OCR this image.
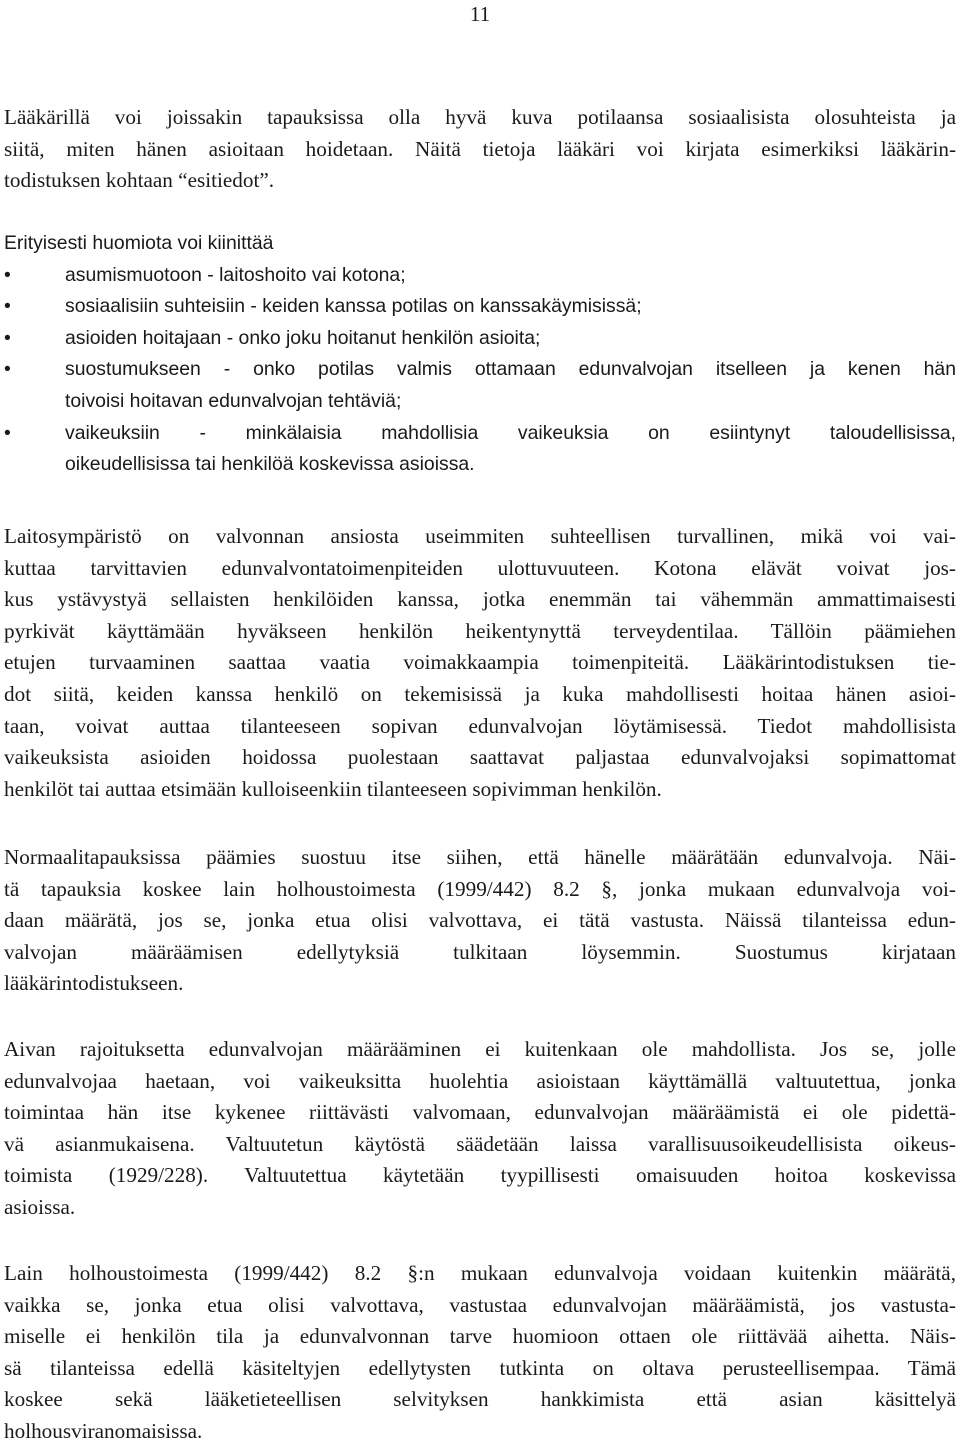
11
Lääkärillä voi joissakin tapauksissa olla hyvä kuva potilaansa sosiaalisista olosuhteista ja
siitä, miten hänen asioitaan hoidetaan. Näitä tietoja lääkäri voi kirjata esimerkiksi lääkärin-
todistuksen kohtaan “esitiedot”.
Erityisesti huomiota voi kiinittää
•	asumismuotoon - laitoshoito vai kotona;
•	sosiaalisiin suhteisiin - keiden kanssa potilas on kanssakäymisissä;
•	asioiden hoitajaan - onko joku hoitanut henkilön asioita;
•	suostumukseen - onko potilas valmis ottamaan edunvalvojan itselleen ja kenen hän
toivoisi hoitavan edunvalvojan tehtäviä;
•	vaikeuksiin - minkälaisia mahdollisia vaikeuksia on esiintynyt taloudellisissa,
oikeudellisissa tai henkilöä koskevissa asioissa.
Laitosympäristö on valvonnan ansiosta useimmiten suhteellisen turvallinen, mikä voi vai-
kuttaa tarvittavien edunvalvontatoimenpiteiden ulottuvuuteen. Kotona elävät voivat jos-
kus ystävystyä sellaisten henkilöiden kanssa, jotka enemmän tai vähemmän ammattimaisesti
pyrkivät käyttämään hyväkseen henkilön heikentynyttä terveydentilaa. Tällöin päämiehen
etujen turvaaminen saattaa vaatia voimakkaampia toimenpiteitä. Lääkärintodistuksen tie-
dot siitä, keiden kanssa henkilö on tekemisissä ja kuka mahdollisesti hoitaa hänen asioi-
taan, voivat auttaa tilanteeseen sopivan edunvalvojan löytämisessä. Tiedot mahdollisista
vaikeuksista asioiden hoidossa puolestaan saattavat paljastaa edunvalvojaksi sopimattomat
henkilöt tai auttaa etsimään kulloiseenkiin tilanteeseen sopivimman henkilön.
Normaalitapauksissa päämies suostuu itse siihen, että hänelle määrätään edunvalvoja. Näi-
tä tapauksia koskee lain holhoustoimesta (1999/442) 8.2 §, jonka mukaan edunvalvoja voi-
daan määrätä, jos se, jonka etua olisi valvottava, ei tätä vastusta. Näissä tilanteissa edun-
valvojan määräämisen edellytyksiä tulkitaan löysemmin. Suostumus kirjataan
lääkärintodistukseen.
Aivan rajoituksetta edunvalvojan määrääminen ei kuitenkaan ole mahdollista. Jos se, jolle
edunvalvojaa haetaan, voi vaikeuksitta huolehtia asioistaan käyttämällä valtuutettua, jonka
toimintaa hän itse kykenee riittävästi valvomaan, edunvalvojan määräämistä ei ole pidettä-
vä asianmukaisena. Valtuutetun käytöstä säädetään laissa varallisuusoikeudellisista oikeus-
toimista (1929/228). Valtuutettua käytetään tyypillisesti omaisuuden hoitoa koskevissa
asioissa.
Lain holhoustoimesta (1999/442) 8.2 §:n mukaan edunvalvoja voidaan kuitenkin määrätä,
vaikka se, jonka etua olisi valvottava, vastustaa edunvalvojan määräämistä, jos vastusta-
miselle ei henkilön tila ja edunvalvonnan tarve huomioon ottaen ole riittävää aihetta. Näis-
sä tilanteissa edellä käsiteltyjen edellytysten tutkinta on oltava perusteellisempaa. Tämä
koskee sekä lääketieteellisen selvityksen hankkimista että asian käsittelyä
holhousviranomaisissa.
